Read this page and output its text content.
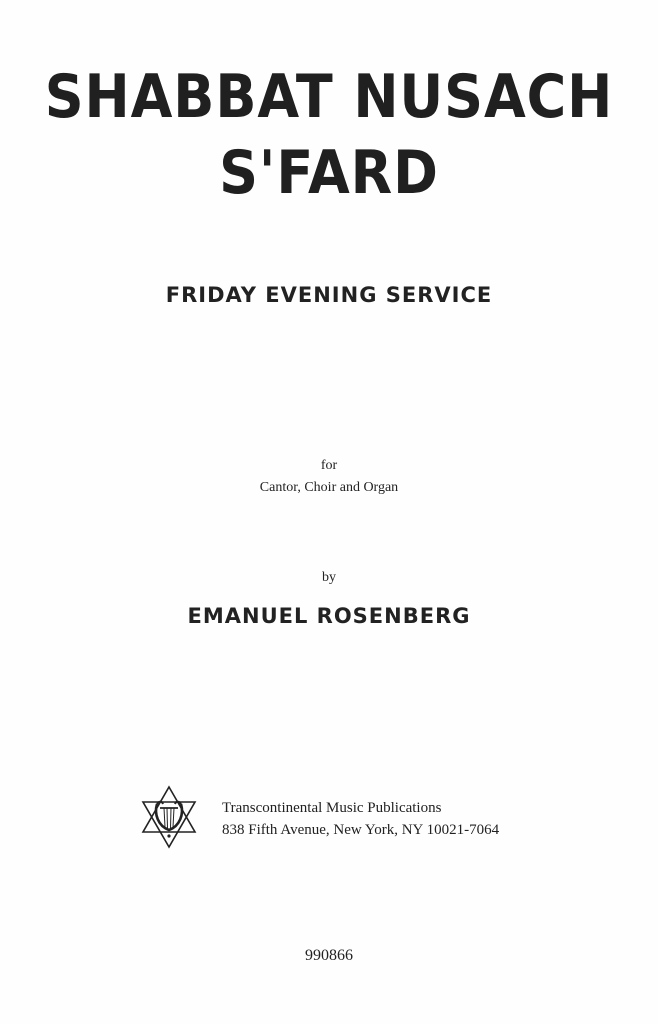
SHABBAT NUSACH
S'FARD
FRIDAY EVENING SERVICE
for
Cantor, Choir and Organ
by
EMANUEL ROSENBERG
Transcontinental Music Publications
838 Fifth Avenue, New York, NY 10021-7064
990866
